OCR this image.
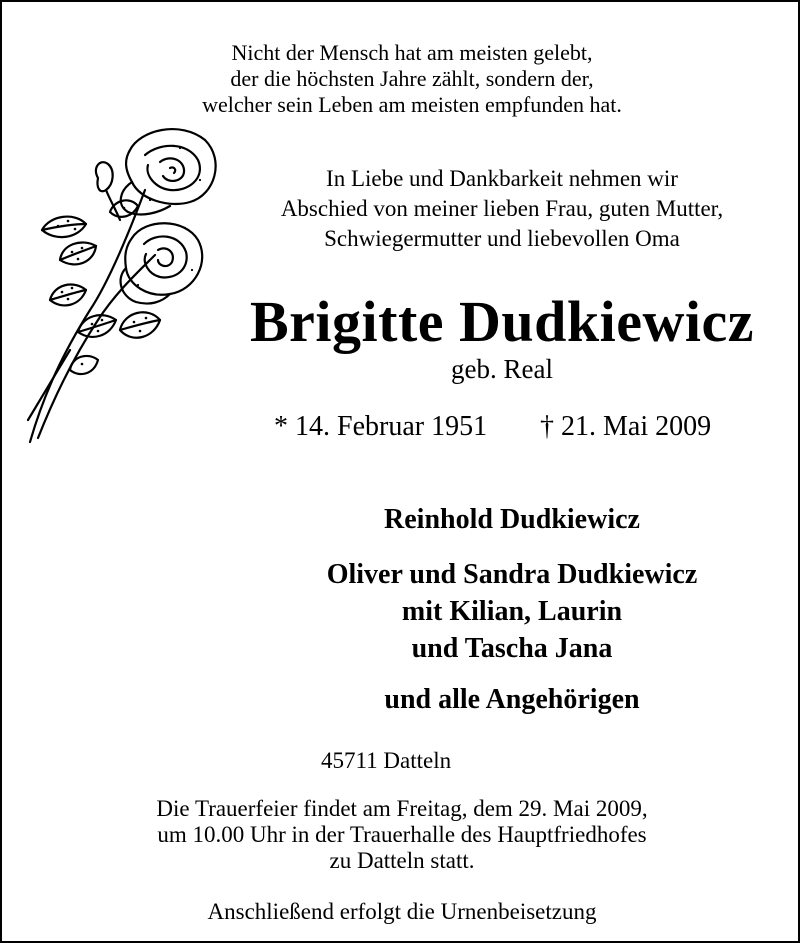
Nicht der Mensch hat am meisten gelebt,
der die höchsten Jahre zählt, sondern der,
welcher sein Leben am meisten empfunden hat.
In Liebe und Dankbarkeit nehmen wir
Abschied von meiner lieben Frau, guten Mutter,
Schwiegermutter und liebevollen Oma
Brigitte Dudkiewicz
geb. Real
* 14. Februar 1951 † 21. Mai 2009
Reinhold Dudkiewicz
Oliver und Sandra Dudkiewicz
mit Kilian, Laurin
und Tascha Jana
und alle Angehörigen
45711 Datteln
Die Trauerfeier findet am Freitag, dem 29. Mai 2009,
um 10.00 Uhr in der Trauerhalle des Hauptfriedhofes
zu Datteln statt.
Anschließend erfolgt die Urnenbeisetzung
